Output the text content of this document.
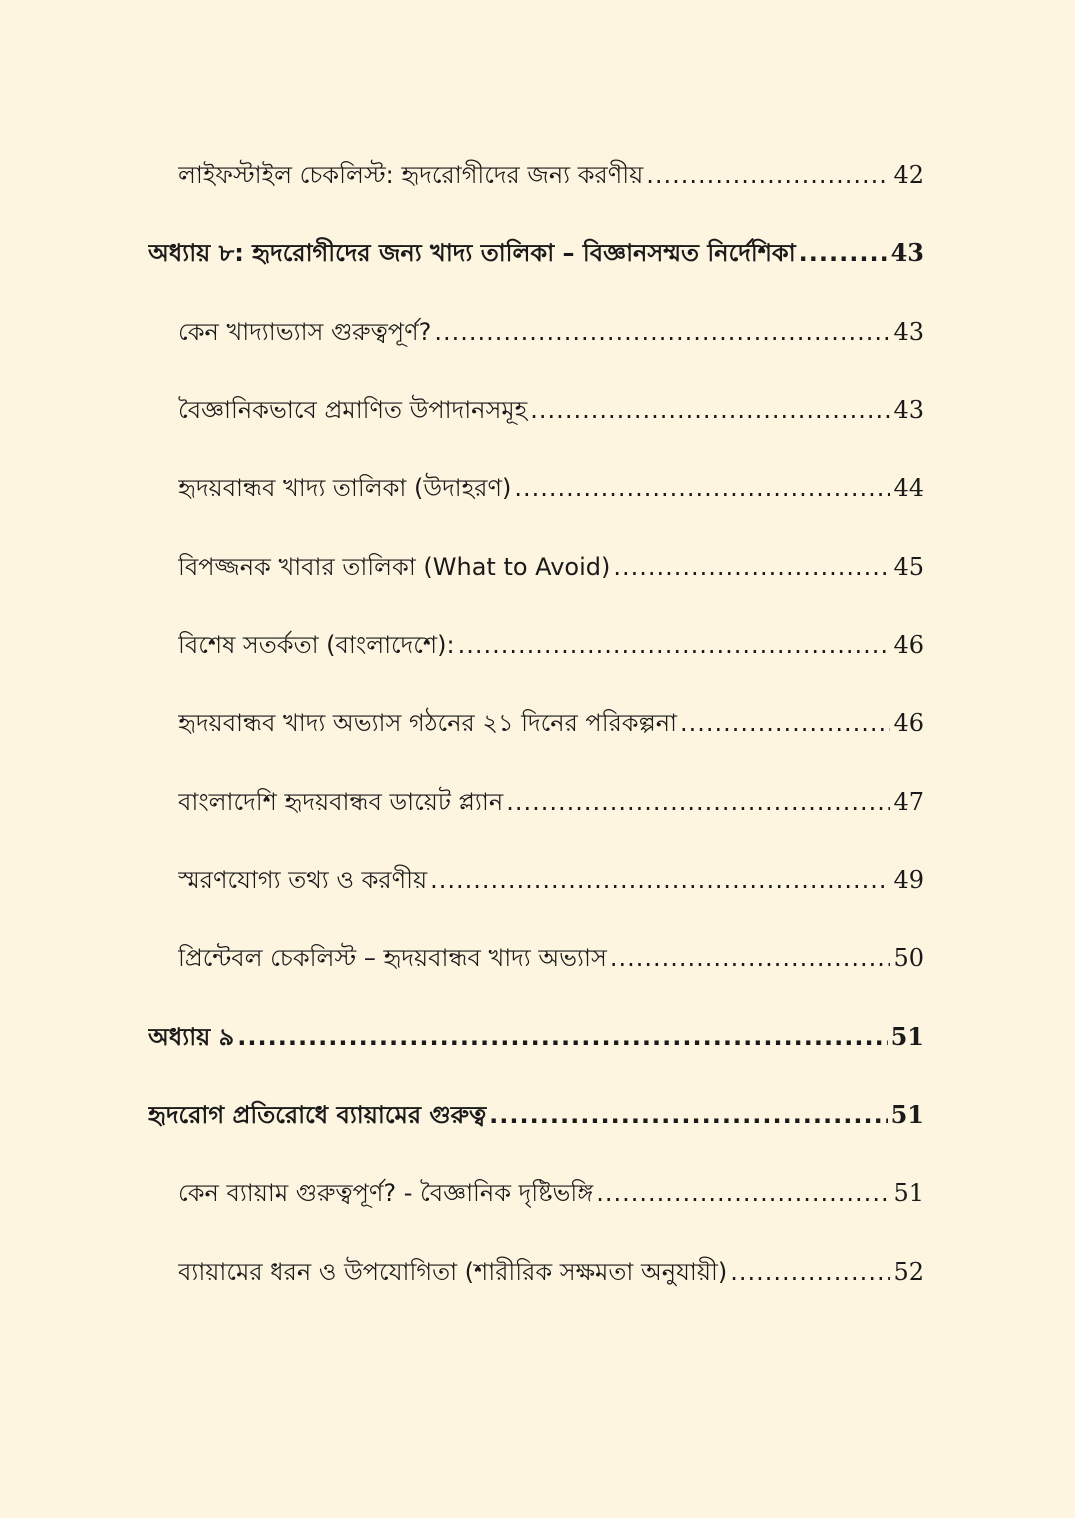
লাইফস্টাইল চেকলিস্ট: হৃদরোগীদের জন্য করণীয় .....	42
অধ্যায় ৮: হৃদরোগীদের জন্য খাদ্য তালিকা – বিজ্ঞানসম্মত নির্দেশিকা .....	43
কেন খাদ্যাভ্যাস গুরুত্বপূর্ণ? .....	43
বৈজ্ঞানিকভাবে প্রমাণিত উপাদানসমূহ .....	43
হৃদয়বান্ধব খাদ্য তালিকা (উদাহরণ) .....	44
বিপজ্জনক খাবার তালিকা (What to Avoid) .....	45
বিশেষ সতর্কতা (বাংলাদেশে): .....	46
হৃদয়বান্ধব খাদ্য অভ্যাস গঠনের ২১ দিনের পরিকল্পনা .....	46
বাংলাদেশি হৃদয়বান্ধব ডায়েট প্ল্যান .....	47
স্মরণযোগ্য তথ্য ও করণীয় .....	49
প্রিন্টেবল চেকলিস্ট – হৃদয়বান্ধব খাদ্য অভ্যাস .....	50
অধ্যায় ৯ .....	51
হৃদরোগ প্রতিরোধে ব্যায়ামের গুরুত্ব .....	51
কেন ব্যায়াম গুরুত্বপূর্ণ? - বৈজ্ঞানিক দৃষ্টিভঙ্গি .....	51
ব্যায়ামের ধরন ও উপযোগিতা (শারীরিক সক্ষমতা অনুযায়ী) .....	52
